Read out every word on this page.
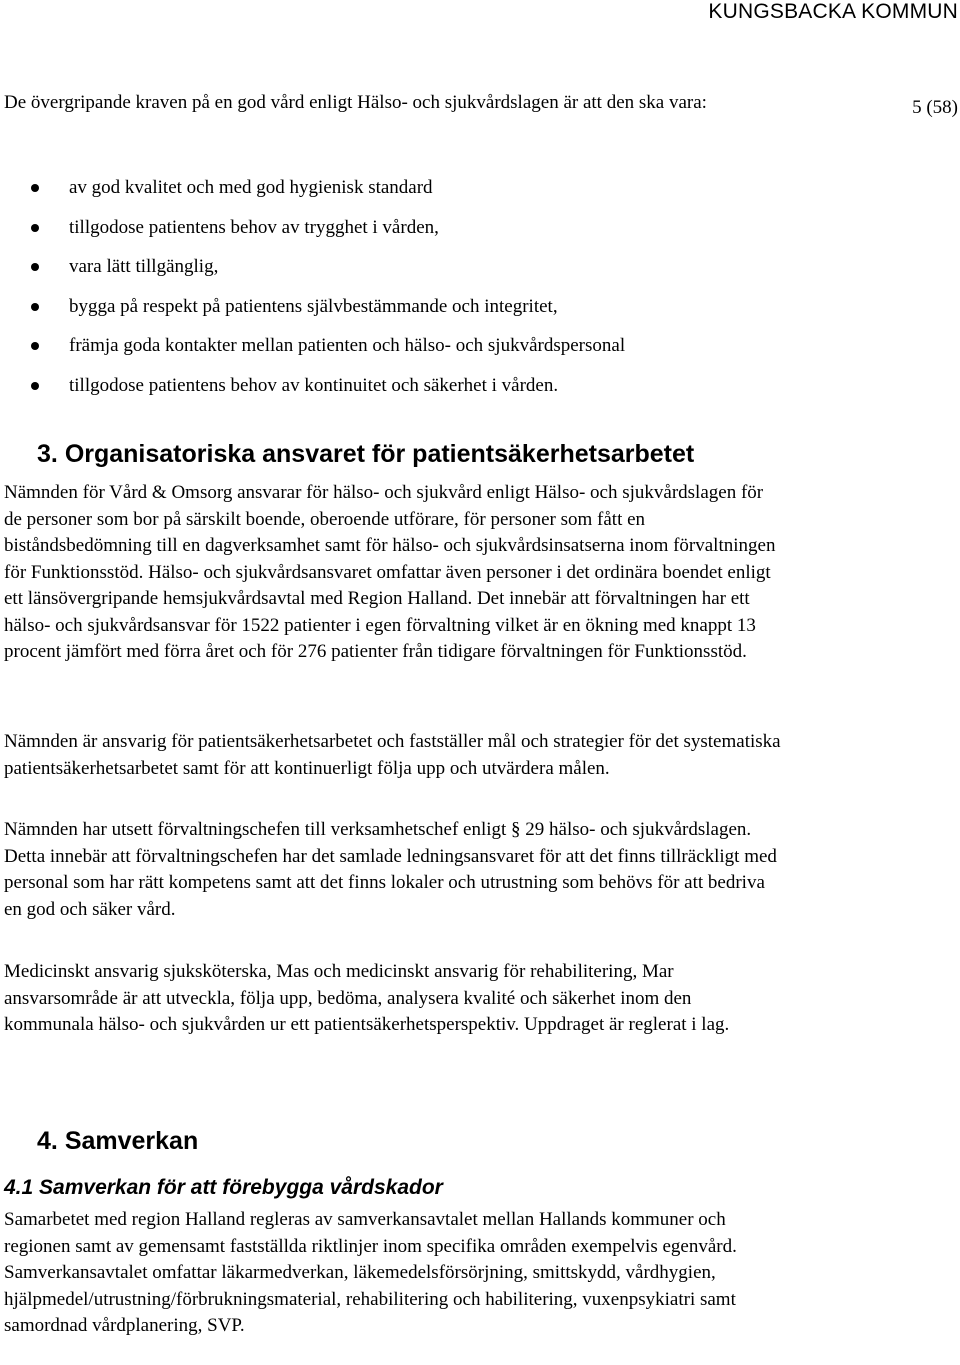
KUNGSBACKA KOMMUN
5 (58)

De övergripande kraven på en god vård enligt Hälso- och sjukvårdslagen är att den ska vara:

av god kvalitet och med god hygienisk standard
tillgodose patientens behov av trygghet i vården,
vara lätt tillgänglig,
bygga på respekt på patientens självbestämmande och integritet,
främja goda kontakter mellan patienten och hälso- och sjukvårdspersonal
tillgodose patientens behov av kontinuitet och säkerhet i vården.
3. Organisatoriska ansvaret för patientsäkerhetsarbetet

Nämnden för Vård & Omsorg ansvarar för hälso- och sjukvård enligt Hälso- och sjukvårdslagen för de personer som bor på särskilt boende, oberoende utförare, för personer som fått en biståndsbedömning till en dagverksamhet samt för hälso- och sjukvårdsinsatserna inom förvaltningen för Funktionsstöd. Hälso- och sjukvårdsansvaret omfattar även personer i det ordinära boendet enligt ett länsövergripande hemsjukvårdsavtal med Region Halland. Det innebär att förvaltningen har ett hälso- och sjukvårdsansvar för 1522 patienter i egen förvaltning vilket är en ökning med knappt 13 procent jämfört med förra året och för 276 patienter från tidigare förvaltningen för Funktionsstöd.

Nämnden är ansvarig för patientsäkerhetsarbetet och fastställer mål och strategier för det systematiska patientsäkerhetsarbetet samt för att kontinuerligt följa upp och utvärdera målen.

Nämnden har utsett förvaltningschefen till verksamhetschef enligt § 29 hälso- och sjukvårdslagen. Detta innebär att förvaltningschefen har det samlade ledningsansvaret för att det finns tillräckligt med personal som har rätt kompetens samt att det finns lokaler och utrustning som behövs för att bedriva en god och säker vård.

Medicinskt ansvarig sjuksköterska, Mas och medicinskt ansvarig för rehabilitering, Mar ansvarsområde är att utveckla, följa upp, bedöma, analysera kvalité och säkerhet inom den kommunala hälso- och sjukvården ur ett patientsäkerhetsperspektiv. Uppdraget är reglerat i lag.

4. Samverkan
4.1 Samverkan för att förebygga vårdskador

Samarbetet med region Halland regleras av samverkansavtalet mellan Hallands kommuner och regionen samt av gemensamt fastställda riktlinjer inom specifika områden exempelvis egenvård. Samverkansavtalet omfattar läkarmedverkan, läkemedelsförsörjning, smittskydd, vårdhygien, hjälpmedel/utrustning/förbrukningsmaterial, rehabilitering och habilitering, vuxenpsykiatri samt samordnad vårdplanering, SVP.
